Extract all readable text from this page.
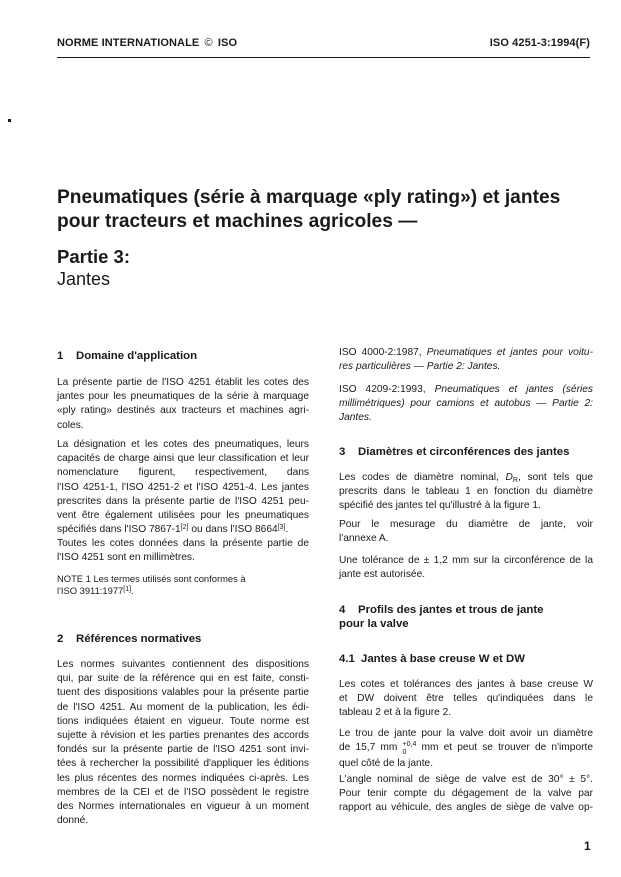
NORME INTERNATIONALE © ISO	ISO 4251-3:1994(F)
Pneumatiques (série à marquage «ply rating») et jantes
pour tracteurs et machines agricoles —
Partie 3:
Jantes
1 Domaine d'application
La présente partie de l'ISO 4251 établit les cotes des
jantes pour les pneumatiques de la série à marquage
«ply rating» destinés aux tracteurs et machines agri-
coles.
La désignation et les cotes des pneumatiques, leurs
capacités de charge ainsi que leur classification et leur
nomenclature figurent, respectivement, dans
l'ISO 4251-1, l'ISO 4251-2 et l'ISO 4251-4. Les jantes
prescrites dans la présente partie de l'ISO 4251 peu-
vent être également utilisées pour les pneumatiques
spécifiés dans l'ISO 7867-1[2] ou dans l'ISO 8664[3].
Toutes les cotes données dans la présente partie de
l'ISO 4251 sont en millimètres.
NOTE 1 Les termes utilisés sont conformes à
l'ISO 3911:1977[1].
2 Références normatives
Les normes suivantes contiennent des dispositions
qui, par suite de la référence qui en est faite, consti-
tuent des dispositions valables pour la présente partie
de l'ISO 4251. Au moment de la publication, les édi-
tions indiquées étaient en vigueur. Toute norme est
sujette à révision et les parties prenantes des accords
fondés sur la présente partie de l'ISO 4251 sont invi-
tées à rechercher la possibilité d'appliquer les éditions
les plus récentes des normes indiquées ci-après. Les
membres de la CEI et de l'ISO possèdent le registre
des Normes internationales en vigueur à un moment
donné.
ISO 4000-2:1987, Pneumatiques et jantes pour voitu-
res particulières — Partie 2: Jantes.
ISO 4209-2:1993, Pneumatiques et jantes (séries
millimétriques) pour camions et autobus — Partie 2:
Jantes.
3 Diamètres et circonférences des jantes
Les codes de diamètre nominal, $D_R$, sont tels que
prescrits dans le tableau 1 en fonction du diamètre
spécifié des jantes tel qu'illustré à la figure 1.
Pour le mesurage du diamètre de jante, voir
l'annexe A.
Une tolérance de ± 1,2 mm sur la circonférence de la
jante est autorisée.
4 Profils des jantes et trous de jante
pour la valve
4.1 Jantes à base creuse W et DW
Les cotes et tolérances des jantes à base creuse W
et DW doivent être telles qu'indiquées dans le
tableau 2 et à la figure 2.
Le trou de jante pour la valve doit avoir un diamètre
de 15,7 mm +0,4
0 mm et peut se trouver de n'importe
quel côté de la jante.
L'angle nominal de siège de valve est de 30° ± 5°.
Pour tenir compte du dégagement de la valve par
rapport au véhicule, des angles de siège de valve op-
1
